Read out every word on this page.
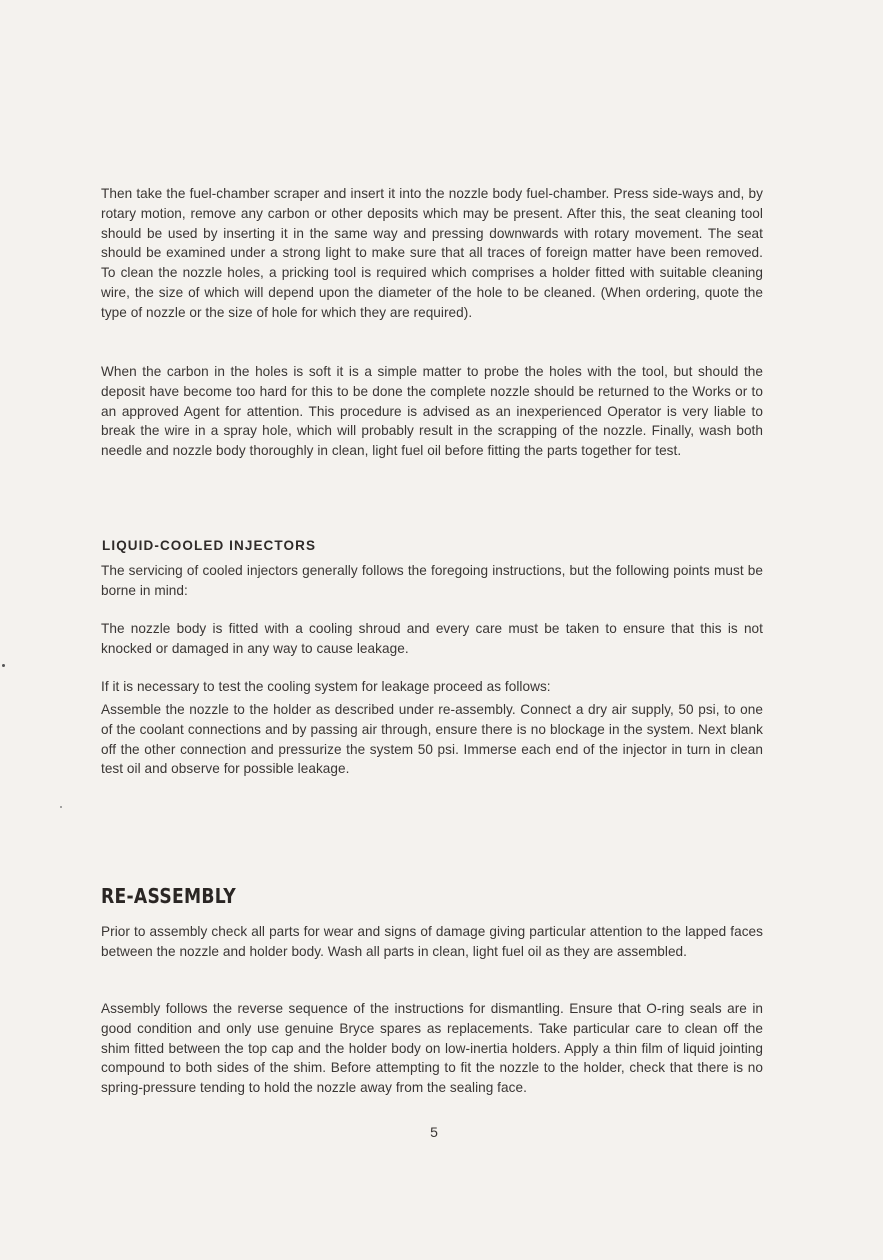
Then take the fuel-chamber scraper and insert it into the nozzle body fuel-chamber. Press side-ways and, by rotary motion, remove any carbon or other deposits which may be present. After this, the seat cleaning tool should be used by inserting it in the same way and pressing downwards with rotary movement. The seat should be examined under a strong light to make sure that all traces of foreign matter have been removed. To clean the nozzle holes, a pricking tool is required which comprises a holder fitted with suitable cleaning wire, the size of which will depend upon the diameter of the hole to be cleaned. (When ordering, quote the type of nozzle or the size of hole for which they are required).

When the carbon in the holes is soft it is a simple matter to probe the holes with the tool, but should the deposit have become too hard for this to be done the complete nozzle should be returned to the Works or to an approved Agent for attention. This procedure is advised as an inexperienced Operator is very liable to break the wire in a spray hole, which will probably result in the scrapping of the nozzle. Finally, wash both needle and nozzle body thoroughly in clean, light fuel oil before fitting the parts together for test.

LIQUID-COOLED INJECTORS

The servicing of cooled injectors generally follows the foregoing instructions, but the following points must be borne in mind:

The nozzle body is fitted with a cooling shroud and every care must be taken to ensure that this is not knocked or damaged in any way to cause leakage.

If it is necessary to test the cooling system for leakage proceed as follows:

Assemble the nozzle to the holder as described under re-assembly. Connect a dry air supply, 50 psi, to one of the coolant connections and by passing air through, ensure there is no blockage in the system. Next blank off the other connection and pressurize the system 50 psi. Immerse each end of the injector in turn in clean test oil and observe for possible leakage.

RE-ASSEMBLY

Prior to assembly check all parts for wear and signs of damage giving particular attention to the lapped faces between the nozzle and holder body. Wash all parts in clean, light fuel oil as they are assembled.

Assembly follows the reverse sequence of the instructions for dismantling. Ensure that O-ring seals are in good condition and only use genuine Bryce spares as replacements. Take particular care to clean off the shim fitted between the top cap and the holder body on low-inertia holders. Apply a thin film of liquid jointing compound to both sides of the shim. Before attempting to fit the nozzle to the holder, check that there is no spring-pressure tending to hold the nozzle away from the sealing face.

5
